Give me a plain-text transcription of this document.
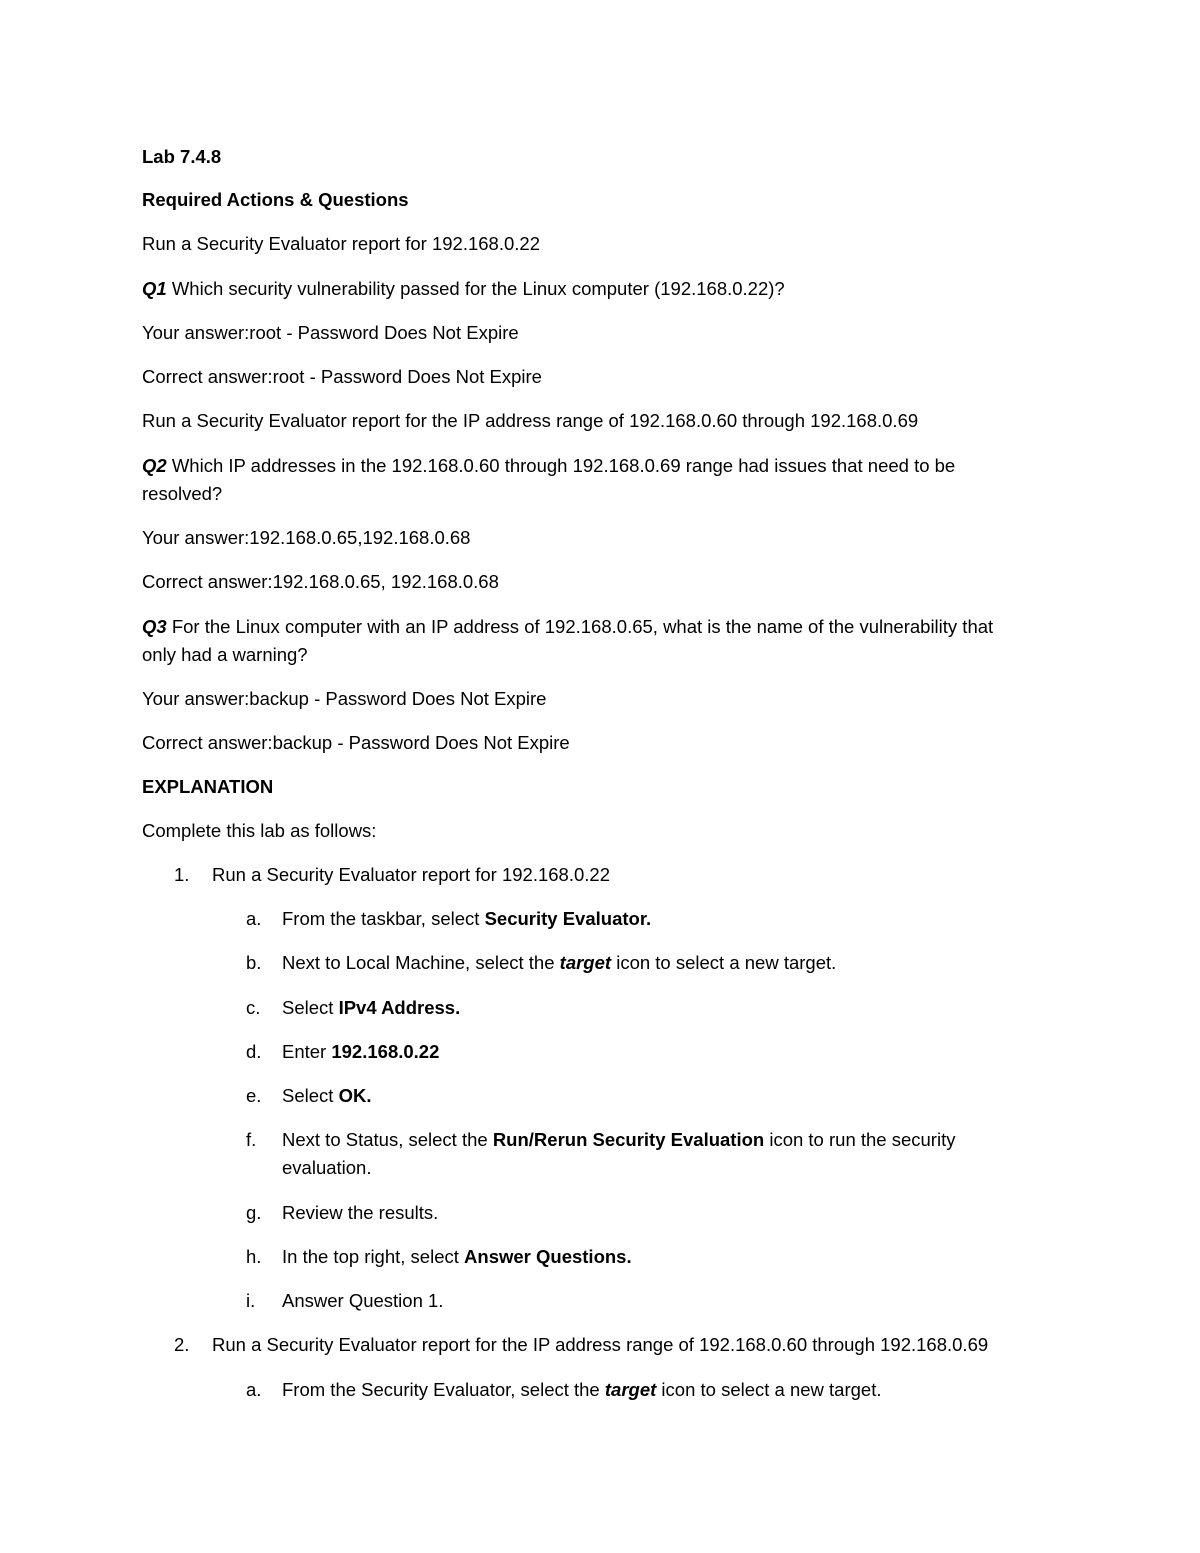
Lab 7.4.8

Required Actions & Questions

Run a Security Evaluator report for 192.168.0.22

Q1 Which security vulnerability passed for the Linux computer (192.168.0.22)?

Your answer:root - Password Does Not Expire

Correct answer:root - Password Does Not Expire

Run a Security Evaluator report for the IP address range of 192.168.0.60 through 192.168.0.69

Q2 Which IP addresses in the 192.168.0.60 through 192.168.0.69 range had issues that need to be

resolved?

Your answer:192.168.0.65,192.168.0.68

Correct answer:192.168.0.65, 192.168.0.68

Q3 For the Linux computer with an IP address of 192.168.0.65, what is the name of the vulnerability that

only had a warning?

Your answer:backup - Password Does Not Expire

Correct answer:backup - Password Does Not Expire

EXPLANATION

Complete this lab as follows:

1.	Run a Security Evaluator report for 192.168.0.22
a.	From the taskbar, select Security Evaluator.
b.	Next to Local Machine, select the target icon to select a new target.
c.	Select IPv4 Address.
d.	Enter 192.168.0.22
e.	Select OK.
f.	Next to Status, select the Run/Rerun Security Evaluation icon to run the security
evaluation.
g.	Review the results.
h.	In the top right, select Answer Questions.
i.	Answer Question 1.
2.	Run a Security Evaluator report for the IP address range of 192.168.0.60 through 192.168.0.69
a.	From the Security Evaluator, select the target icon to select a new target.
